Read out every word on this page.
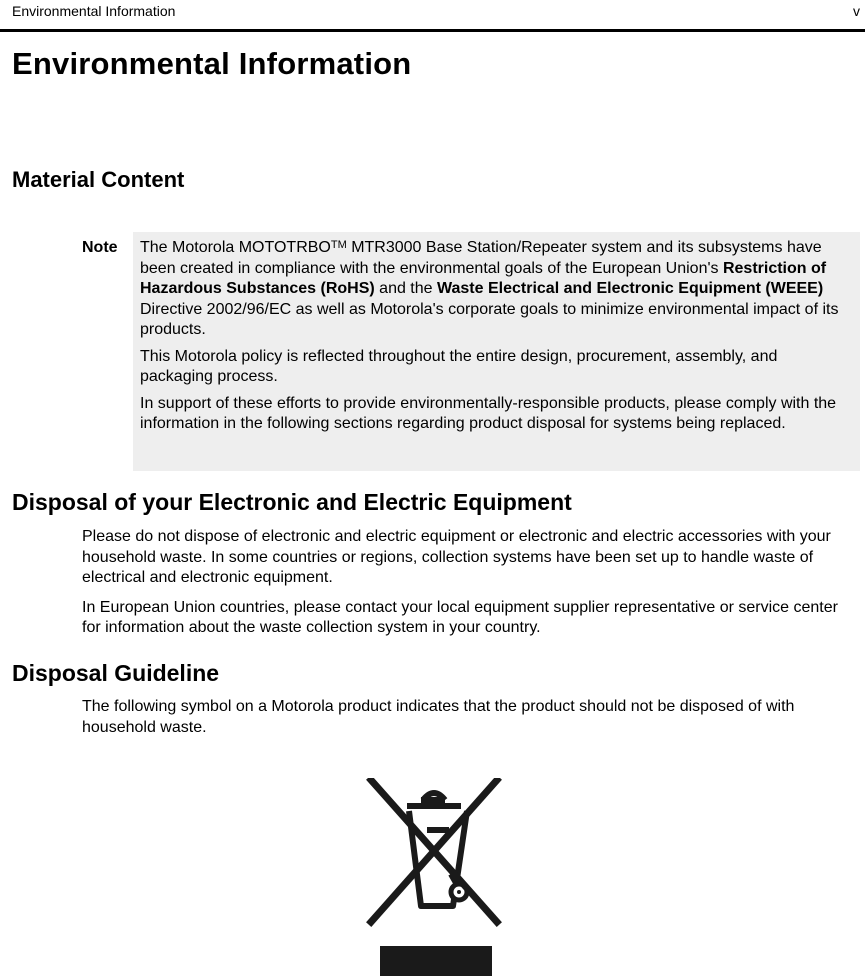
Environmental Information	v
Environmental Information
Material Content
Note The Motorola MOTOTRBO™ MTR3000 Base Station/Repeater system and its subsystems have been created in compliance with the environmental goals of the European Union's Restriction of Hazardous Substances (RoHS) and the Waste Electrical and Electronic Equipment (WEEE) Directive 2002/96/EC as well as Motorola's corporate goals to minimize environmental impact of its products.

This Motorola policy is reflected throughout the entire design, procurement, assembly, and packaging process.

In support of these efforts to provide environmentally-responsible products, please comply with the information in the following sections regarding product disposal for systems being replaced.

Disposal of your Electronic and Electric Equipment

Please do not dispose of electronic and electric equipment or electronic and electric accessories with your household waste. In some countries or regions, collection systems have been set up to handle waste of electrical and electronic equipment.

In European Union countries, please contact your local equipment supplier representative or service center for information about the waste collection system in your country.

Disposal Guideline

The following symbol on a Motorola product indicates that the product should not be disposed of with household waste.
